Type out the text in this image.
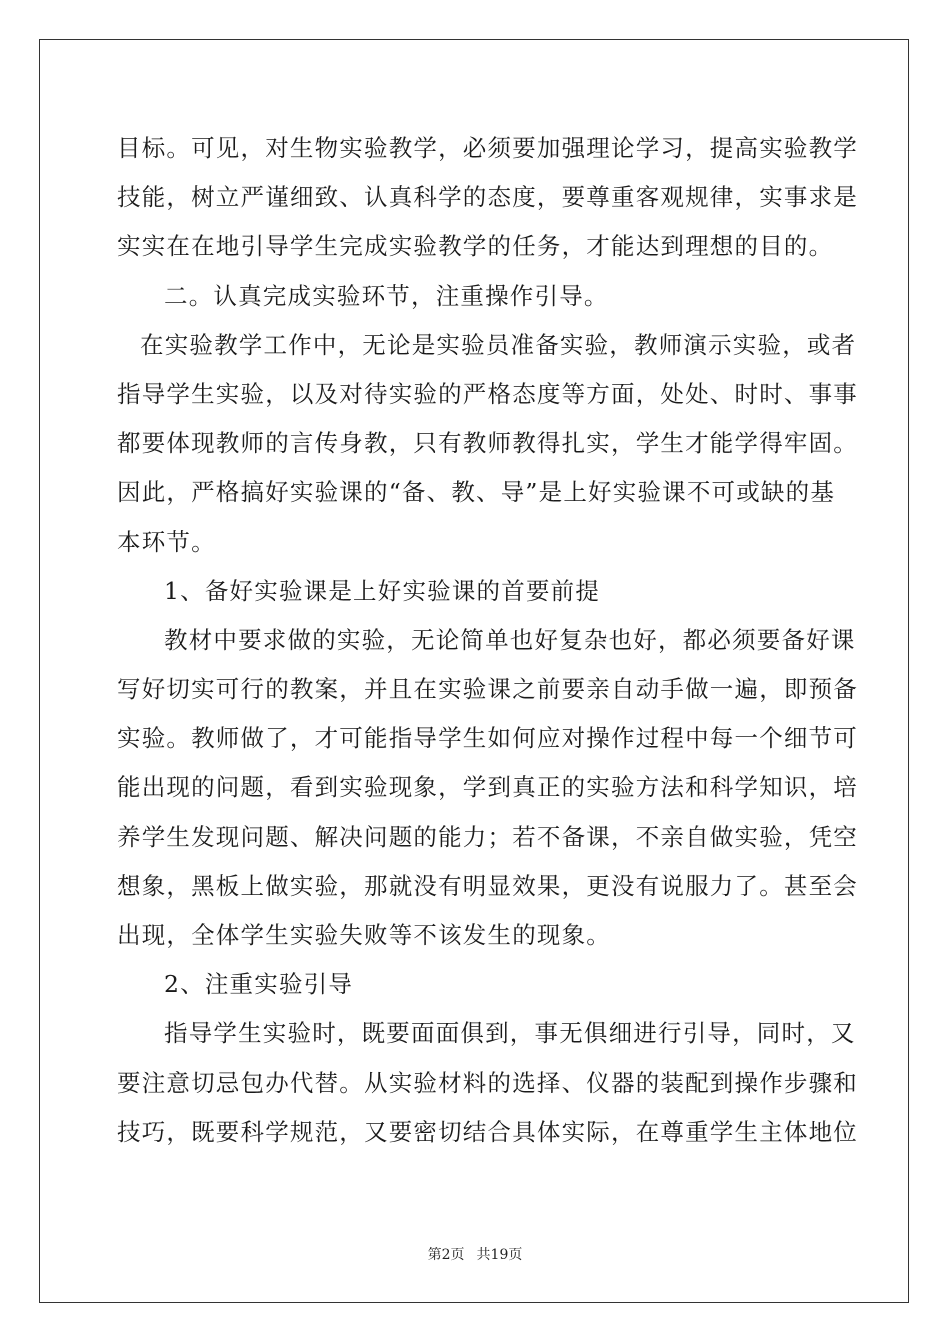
目标。可见，对生物实验教学，必须要加强理论学习，提高实验教学
技能，树立严谨细致、认真科学的态度，要尊重客观规律，实事求是
实实在在地引导学生完成实验教学的任务，才能达到理想的目的。
二。认真完成实验环节，注重操作引导。
在实验教学工作中，无论是实验员准备实验，教师演示实验，或者
指导学生实验，以及对待实验的严格态度等方面，处处、时时、事事
都要体现教师的言传身教，只有教师教得扎实，学生才能学得牢固。
因此，严格搞好实验课的“备、教、导”是上好实验课不可或缺的基
本环节。
1、备好实验课是上好实验课的首要前提
教材中要求做的实验，无论简单也好复杂也好，都必须要备好课
写好切实可行的教案，并且在实验课之前要亲自动手做一遍，即预备
实验。教师做了，才可能指导学生如何应对操作过程中每一个细节可
能出现的问题，看到实验现象，学到真正的实验方法和科学知识，培
养学生发现问题、解决问题的能力；若不备课，不亲自做实验，凭空
想象，黑板上做实验，那就没有明显效果，更没有说服力了。甚至会
出现，全体学生实验失败等不该发生的现象。
2、注重实验引导
指导学生实验时，既要面面俱到，事无俱细进行引导，同时，又
要注意切忌包办代替。从实验材料的选择、仪器的装配到操作步骤和
技巧，既要科学规范，又要密切结合具体实际，在尊重学生主体地位
第2页 共19页
